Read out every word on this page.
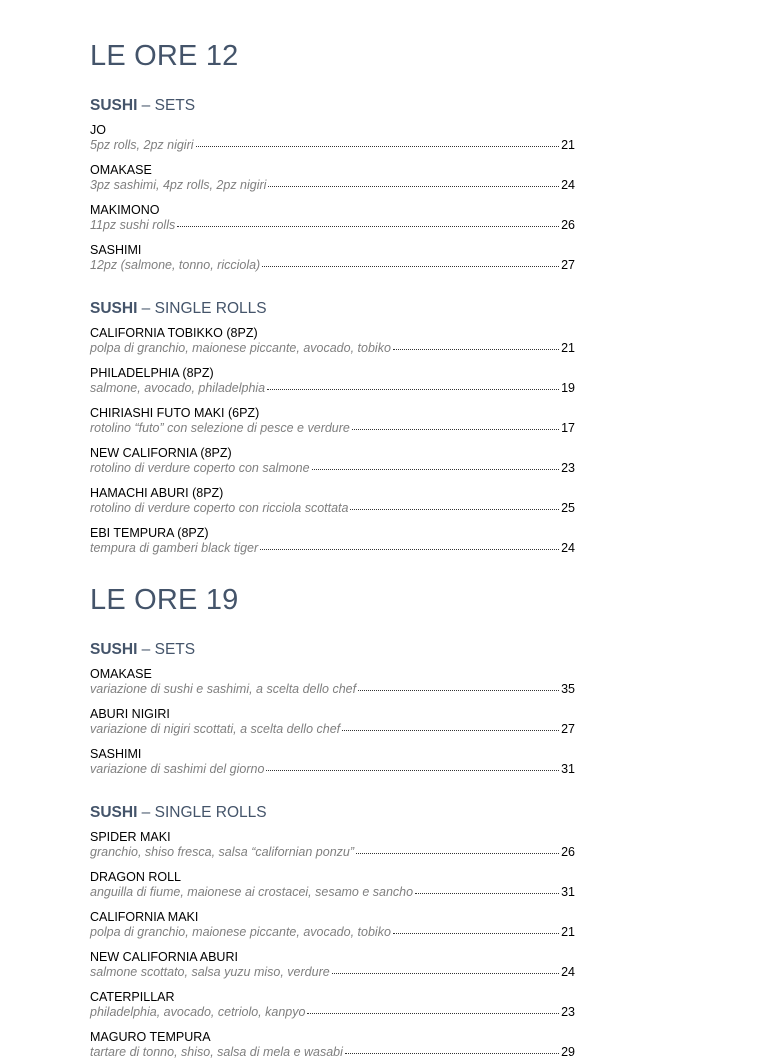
LE ORE 12
SUSHI – SETS
JO
5pz rolls, 2pz nigiri	21
OMAKASE
3pz sashimi, 4pz rolls, 2pz nigiri	24
MAKIMONO
11pz sushi rolls	26
SASHIMI
12pz (salmone, tonno, ricciola)	27
SUSHI – SINGLE ROLLS
CALIFORNIA TOBIKKO (8PZ)
polpa di granchio, maionese piccante, avocado, tobiko	21
PHILADELPHIA (8PZ)
salmone, avocado, philadelphia	19
CHIRIASHI FUTO MAKI (6PZ)
rotolino “futo” con selezione di pesce e verdure	17
NEW CALIFORNIA (8PZ)
rotolino di verdure coperto con salmone	23
HAMACHI ABURI (8PZ)
rotolino di verdure coperto con ricciola scottata	25
EBI TEMPURA (8PZ)
tempura di gamberi black tiger	24
LE ORE 19
SUSHI – SETS
OMAKASE
variazione di sushi e sashimi, a scelta dello chef	35
ABURI NIGIRI
variazione di nigiri scottati, a scelta dello chef	27
SASHIMI
variazione di sashimi del giorno	31
SUSHI – SINGLE ROLLS
SPIDER MAKI
granchio, shiso fresca, salsa “californian ponzu”	26
DRAGON ROLL
anguilla di fiume, maionese ai crostacei, sesamo e sancho	31
CALIFORNIA MAKI
polpa di granchio, maionese piccante, avocado, tobiko	21
NEW CALIFORNIA ABURI
salmone scottato, salsa yuzu miso, verdure	24
CATERPILLAR
philadelphia, avocado, cetriolo, kanpyo	23
MAGURO TEMPURA
tartare di tonno, shiso, salsa di mela e wasabi	29
